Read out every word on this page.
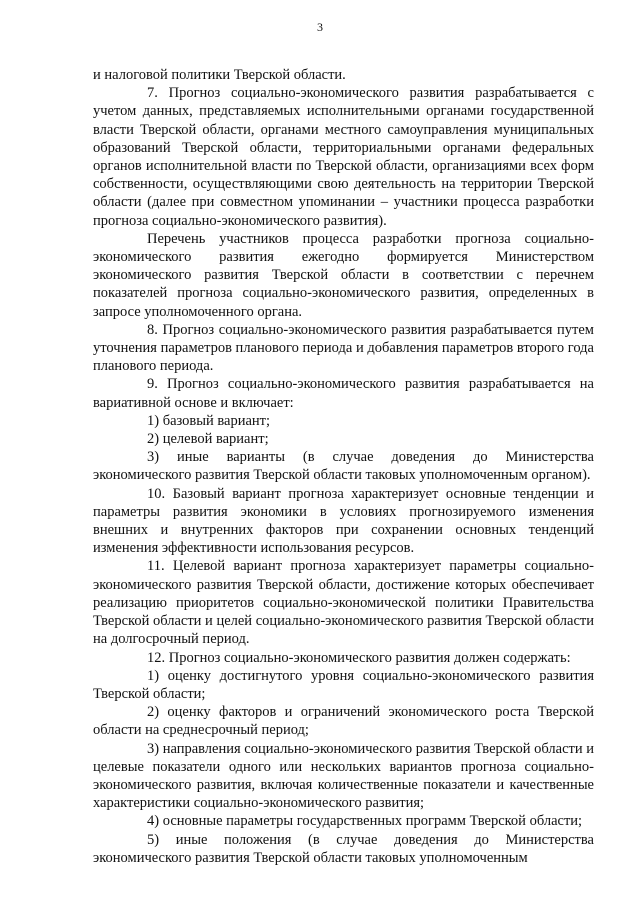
3

и налоговой политики Тверской области.

7. Прогноз социально-экономического развития разрабатывается с учетом данных, представляемых исполнительными органами государственной власти Тверской области, органами местного самоуправления муниципальных образований Тверской области, территориальными органами федеральных органов исполнительной власти по Тверской области, организациями всех форм собственности, осуществляющими свою деятельность на территории Тверской области (далее при совместном упоминании – участники процесса разработки прогноза социально-экономического развития).

Перечень участников процесса разработки прогноза социально-экономического развития ежегодно формируется Министерством экономического развития Тверской области в соответствии с перечнем показателей прогноза социально-экономического развития, определенных в запросе уполномоченного органа.

8. Прогноз социально-экономического развития разрабатывается путем уточнения параметров планового периода и добавления параметров второго года планового периода.

9. Прогноз социально-экономического развития разрабатывается на вариативной основе и включает:

1) базовый вариант;

2) целевой вариант;

3) иные варианты (в случае доведения до Министерства экономического развития Тверской области таковых уполномоченным органом).

10. Базовый вариант прогноза характеризует основные тенденции и параметры развития экономики в условиях прогнозируемого изменения внешних и внутренних факторов при сохранении основных тенденций изменения эффективности использования ресурсов.

11. Целевой вариант прогноза характеризует параметры социально-экономического развития Тверской области, достижение которых обеспечивает реализацию приоритетов социально-экономической политики Правительства Тверской области и целей социально-экономического развития Тверской области на долгосрочный период.

12. Прогноз социально-экономического развития должен содержать:

1) оценку достигнутого уровня социально-экономического развития Тверской области;

2) оценку факторов и ограничений экономического роста Тверской области на среднесрочный период;

3) направления социально-экономического развития Тверской области и целевые показатели одного или нескольких вариантов прогноза социально-экономического развития, включая количественные показатели и качественные характеристики социально-экономического развития;

4) основные параметры государственных программ Тверской области;

5) иные положения (в случае доведения до Министерства экономического развития Тверской области таковых уполномоченным
